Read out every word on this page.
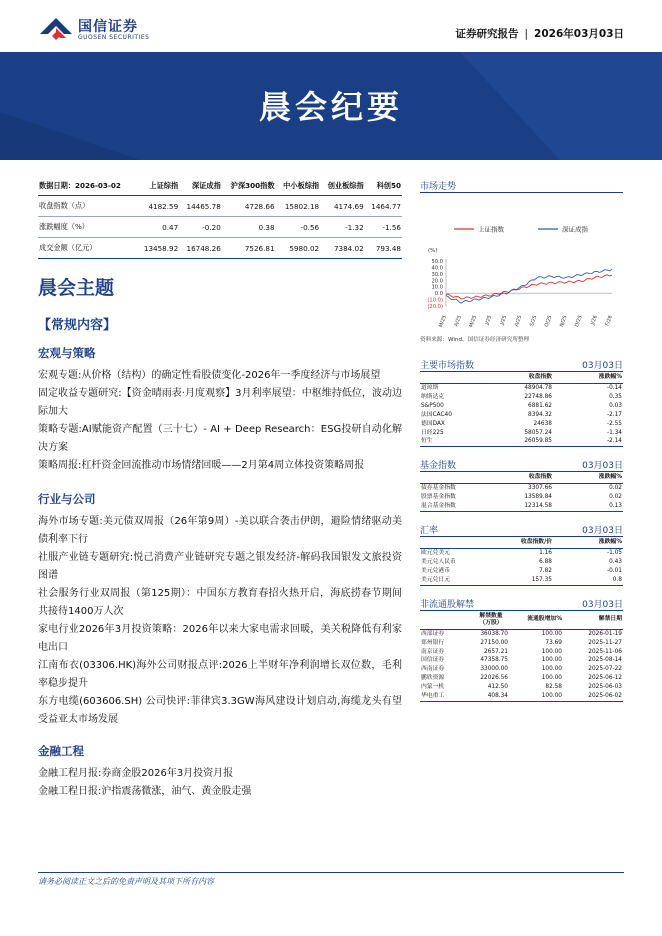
国信证券
GUOSEN SECURITIES	证券研究报告 | 2026年03月03日
晨会纪要
数据日期：2026-03-02	上证综指	深证成指	沪深300指数	中小板综指	创业板综指	科创50
收盘指数（点）	4182.59	14465.78	4728.66	15802.18	4174.69	1464.77
涨跌幅度（%）	0.47	-0.20	0.38	-0.56	-1.32	-1.56
成交金额（亿元）	13458.92	16748.26	7526.81	5980.02	7384.02	793.48
晨会主题
【常规内容】
宏观与策略
宏观专题:从价格（结构）的确定性看股债变化-2026年一季度经济与市场展望
固定收益专题研究:【资金晴雨表·月度观察】3月利率展望：中枢维持低位，波动边际加大
策略专题:AI赋能资产配置（三十七）- AI + Deep Research：ESG投研自动化解决方案
策略周报:杠杆资金回流推动市场情绪回暖——2月第4周立体投资策略周报
行业与公司
海外市场专题:美元债双周报（26年第9周）-美以联合袭击伊朗，避险情绪驱动美债利率下行
社服产业链专题研究:悦己消费产业链研究专题之银发经济-解码我国银发文旅投资图谱
社会服务行业双周报（第125期）：中国东方教育春招火热开启，海底捞春节期间共接待1400万人次
家电行业2026年3月投资策略：2026年以来大家电需求回暖，美关税降低有利家电出口
江南布衣(03306.HK)海外公司财报点评:2026上半财年净利润增长双位数，毛利率稳步提升
东方电缆(603606.SH) 公司快评:菲律宾3.3GW海风建设计划启动,海缆龙头有望受益亚太市场发展
金融工程
金融工程月报:券商金股2026年3月投资月报
金融工程日报:沪指震荡微涨，油气、黄金股走强
市场走势
上证指数	深证成指
(%)
50.0
40.0
30.0
20.0
10.0
0.0
(10.0)
(20.0)
M/25 A/25 M/25 J/25 J/25 A/25 S/25 O/25 N/25 D/25 J/26 F/26
资料来源：Wind、国信证券经济研究所整理
主要市场指数	03月03日
	收盘指数	涨跌幅%
道琼斯	48904.78	-0.14
纳斯达克	22748.86	0.35
S&P500	6881.62	0.03
法国CAC40	8394.32	-2.17
德国DAX	24638	-2.55
日经225	58057.24	-1.34
恒生	26059.85	-2.14
基金指数	03月03日
	收盘指数	涨跌幅%
债券基金指数	3307.66	0.02
股票基金指数	13589.84	0.02
混合基金指数	12314.58	0.13
汇率	03月03日
	收盘指数/价	涨跌幅%
欧元兑美元	1.16	-1.05
美元兑人民币	6.88	0.43
美元兑港币	7.82	-0.01
美元兑日元	157.35	0.8
非流通股解禁	03月03日
	解禁数量（万股）	流通股增加%	解禁日期
西部证券	36038.70	100.00	2026-01-19
郑州银行	27150.00	73.69	2025-11-27
南京证券	2657.21	100.00	2025-11-06
国信证券	47358.75	100.00	2025-08-14
西南证券	33000.00	100.00	2025-07-22
鹏欣资源	22026.56	100.00	2025-06-12
内蒙一机	412.50	82.58	2025-06-03
华电重工	408.34	100.00	2025-06-02
请务必阅读正文之后的免责声明及其项下所有内容
